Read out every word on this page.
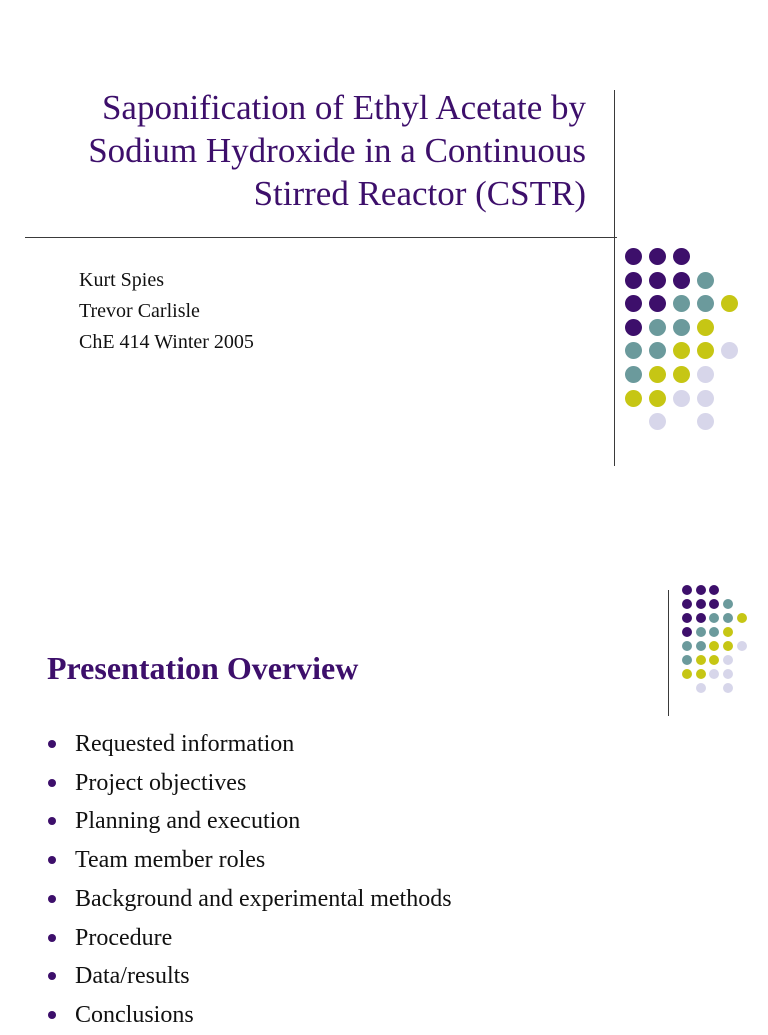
Saponification of Ethyl Acetate by
Sodium Hydroxide in a Continuous
Stirred Reactor (CSTR)
Kurt Spies
Trevor Carlisle
ChE 414 Winter 2005
Presentation Overview
Requested information
Project objectives
Planning and execution
Team member roles
Background and experimental methods
Procedure
Data/results
Conclusions
